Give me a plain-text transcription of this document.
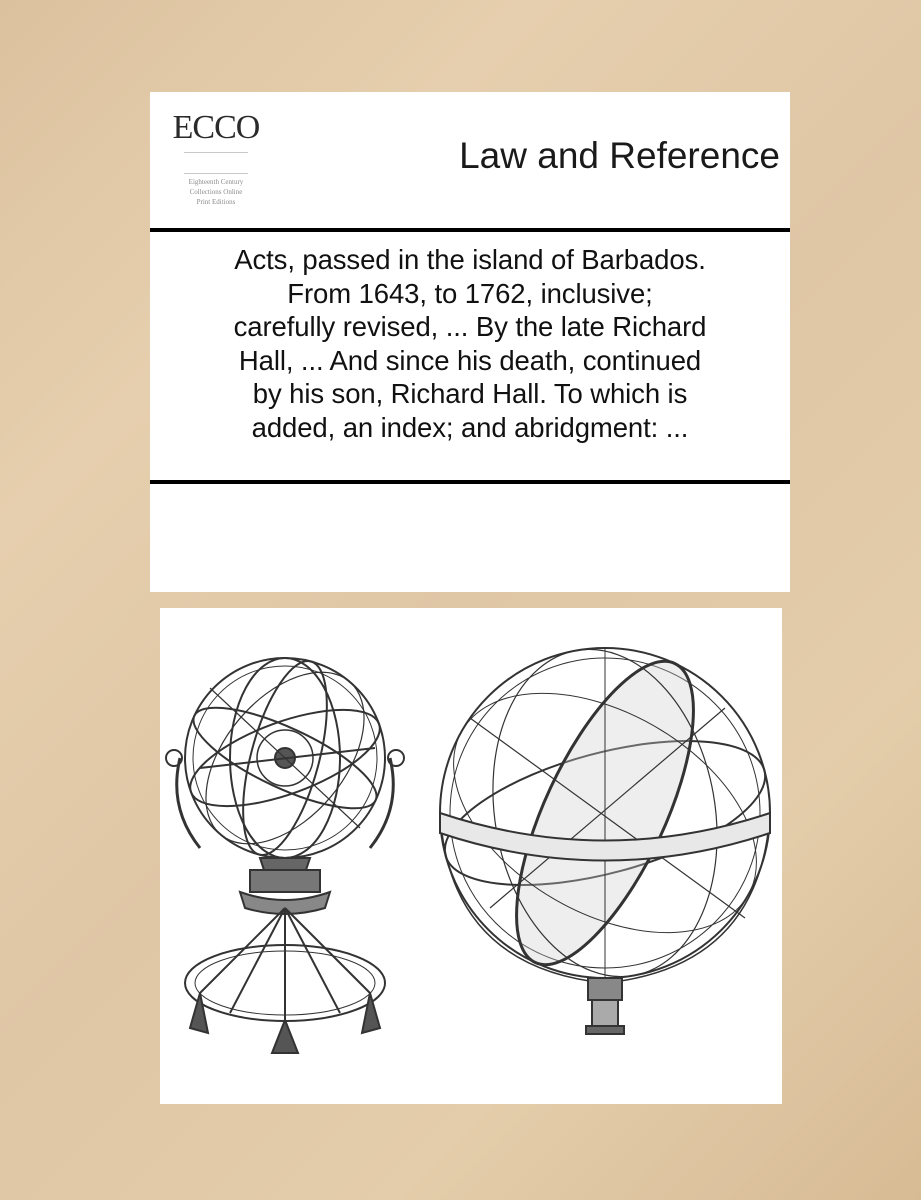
ECCO
Eighteenth Century
Collections Online
Print Editions
Law and Reference
Acts, passed in the island of Barbados.
From 1643, to 1762, inclusive;
carefully revised, ... By the late Richard
Hall, ... And since his death, continued
by his son, Richard Hall. To which is
added, an index; and abridgment: ...
